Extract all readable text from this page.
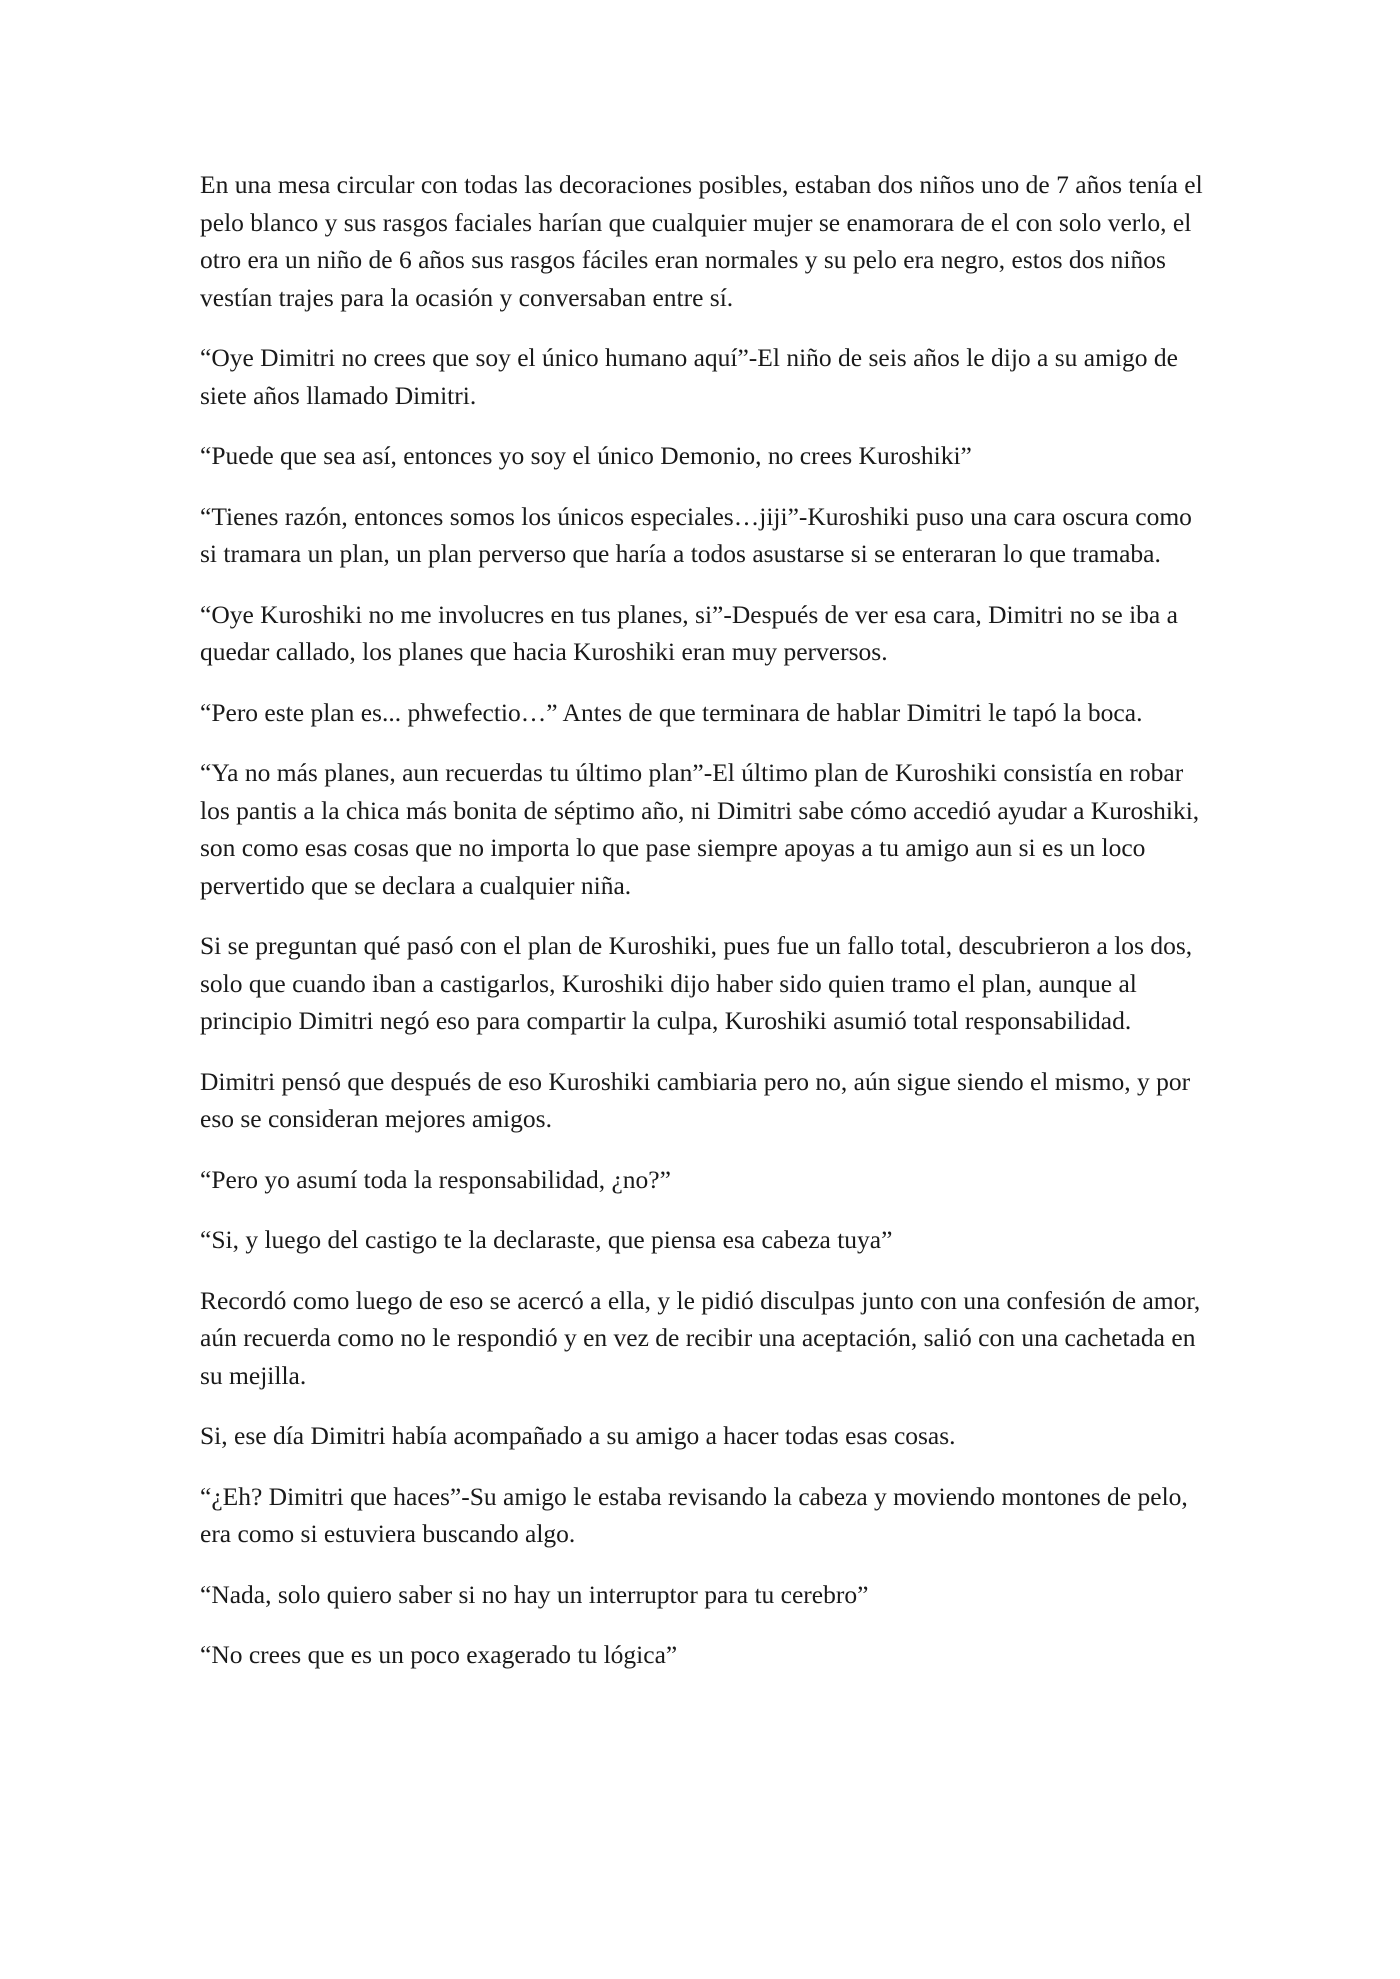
En una mesa circular con todas las decoraciones posibles, estaban dos niños uno de 7 años tenía el pelo blanco y sus rasgos faciales harían que cualquier mujer se enamorara de el con solo verlo, el otro era un niño de 6 años sus rasgos fáciles eran normales y su pelo era negro, estos dos niños vestían trajes para la ocasión y conversaban entre sí.

“Oye Dimitri no crees que soy el único humano aquí”-El niño de seis años le dijo a su amigo de siete años llamado Dimitri.

“Puede que sea así, entonces yo soy el único Demonio, no crees Kuroshiki”

“Tienes razón, entonces somos los únicos especiales…jiji”-Kuroshiki puso una cara oscura como si tramara un plan, un plan perverso que haría a todos asustarse si se enteraran lo que tramaba.

“Oye Kuroshiki no me involucres en tus planes, si”-Después de ver esa cara, Dimitri no se iba a quedar callado, los planes que hacia Kuroshiki eran muy perversos.

“Pero este plan es... phwefectio…” Antes de que terminara de hablar Dimitri le tapó la boca.

“Ya no más planes, aun recuerdas tu último plan”-El último plan de Kuroshiki consistía en robar los pantis a la chica más bonita de séptimo año, ni Dimitri sabe cómo accedió ayudar a Kuroshiki, son como esas cosas que no importa lo que pase siempre apoyas a tu amigo aun si es un loco pervertido que se declara a cualquier niña.

Si se preguntan qué pasó con el plan de Kuroshiki, pues fue un fallo total, descubrieron a los dos, solo que cuando iban a castigarlos, Kuroshiki dijo haber sido quien tramo el plan, aunque al principio Dimitri negó eso para compartir la culpa, Kuroshiki asumió total responsabilidad.

Dimitri pensó que después de eso Kuroshiki cambiaria pero no, aún sigue siendo el mismo, y por eso se consideran mejores amigos.

“Pero yo asumí toda la responsabilidad, ¿no?”

“Si, y luego del castigo te la declaraste, que piensa esa cabeza tuya”

Recordó como luego de eso se acercó a ella, y le pidió disculpas junto con una confesión de amor, aún recuerda como no le respondió y en vez de recibir una aceptación, salió con una cachetada en su mejilla.

Si, ese día Dimitri había acompañado a su amigo a hacer todas esas cosas.

“¿Eh? Dimitri que haces”-Su amigo le estaba revisando la cabeza y moviendo montones de pelo, era como si estuviera buscando algo.

“Nada, solo quiero saber si no hay un interruptor para tu cerebro”

“No crees que es un poco exagerado tu lógica”
